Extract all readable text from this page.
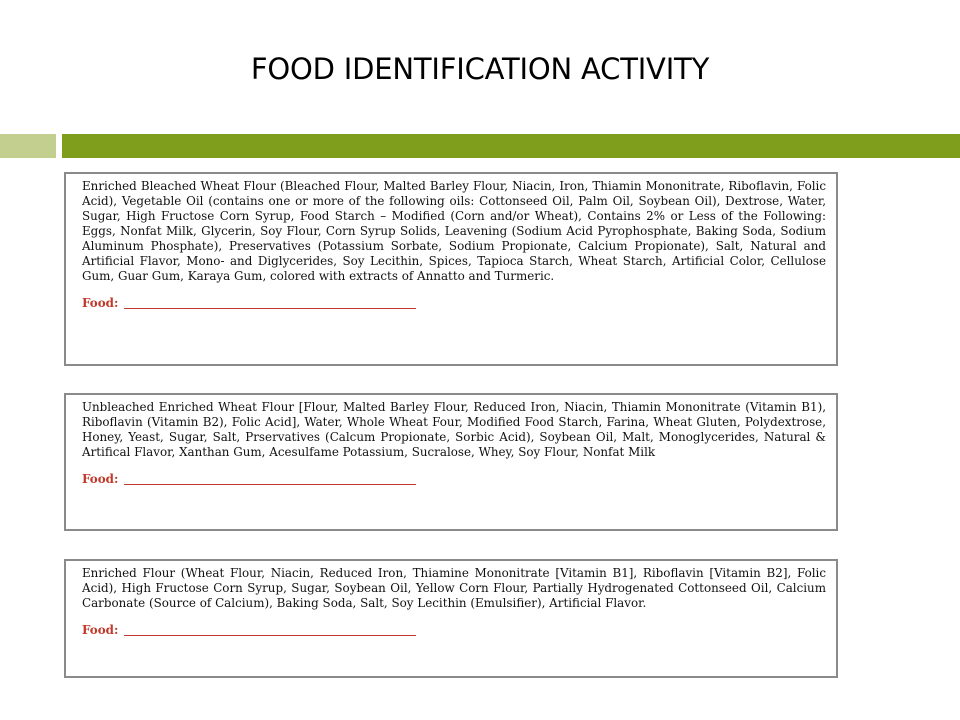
FOOD IDENTIFICATION ACTIVITY

Enriched Bleached Wheat Flour (Bleached Flour, Malted Barley Flour, Niacin, Iron, Thiamin Mononitrate, Riboflavin, Folic Acid), Vegetable Oil (contains one or more of the following oils: Cottonseed Oil, Palm Oil, Soybean Oil), Dextrose, Water, Sugar, High Fructose Corn Syrup, Food Starch – Modified (Corn and/or Wheat), Contains 2% or Less of the Following: Eggs, Nonfat Milk, Glycerin, Soy Flour, Corn Syrup Solids, Leavening (Sodium Acid Pyrophosphate, Baking Soda, Sodium Aluminum Phosphate), Preservatives (Potassium Sorbate, Sodium Propionate, Calcium Propionate), Salt, Natural and Artificial Flavor, Mono- and Diglycerides, Soy Lecithin, Spices, Tapioca Starch, Wheat Starch, Artificial Color, Cellulose Gum, Guar Gum, Karaya Gum, colored with extracts of Annatto and Turmeric.

Food:

Unbleached Enriched Wheat Flour [Flour, Malted Barley Flour, Reduced Iron, Niacin, Thiamin Mononitrate (Vitamin B1), Riboflavin (Vitamin B2), Folic Acid], Water, Whole Wheat Four, Modified Food Starch, Farina, Wheat Gluten, Polydextrose, Honey, Yeast, Sugar, Salt, Prservatives (Calcum Propionate, Sorbic Acid), Soybean Oil, Malt, Monoglycerides, Natural & Artifical Flavor, Xanthan Gum, Acesulfame Potassium, Sucralose, Whey, Soy Flour, Nonfat Milk

Food:

Enriched Flour (Wheat Flour, Niacin, Reduced Iron, Thiamine Mononitrate [Vitamin B1], Riboflavin [Vitamin B2], Folic Acid), High Fructose Corn Syrup, Sugar, Soybean Oil, Yellow Corn Flour, Partially Hydrogenated Cottonseed Oil, Calcium Carbonate (Source of Calcium), Baking Soda, Salt, Soy Lecithin (Emulsifier), Artificial Flavor.

Food:
